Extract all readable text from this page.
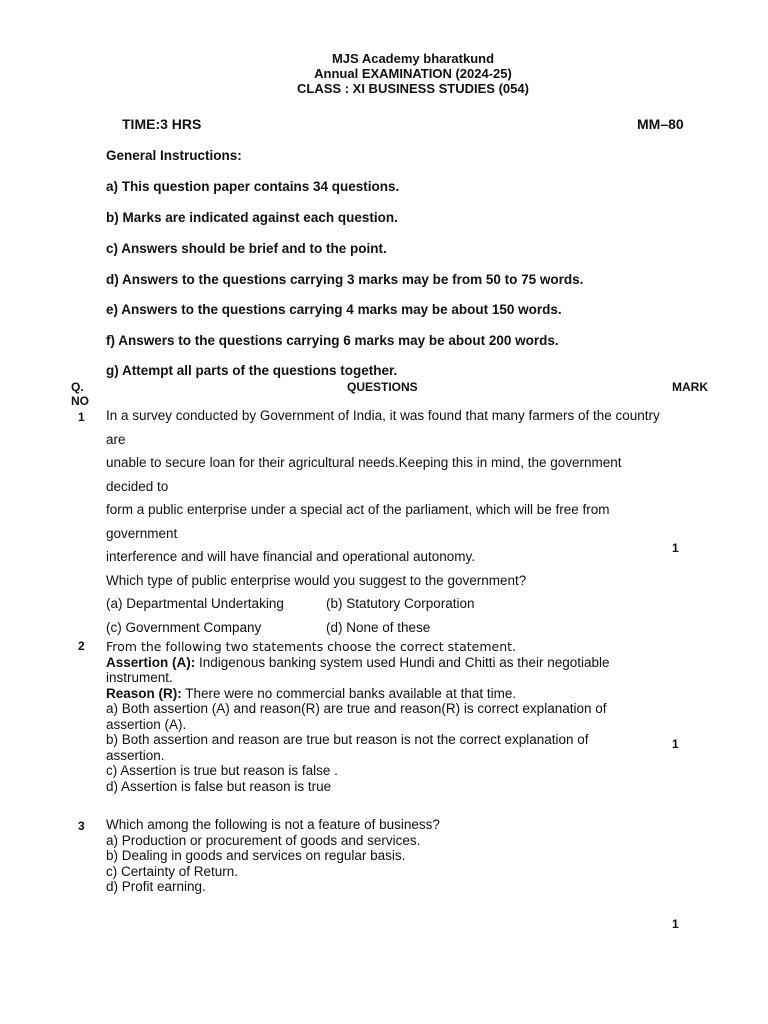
MJS Academy bharatkund
Annual EXAMINATION (2024-25)
CLASS : XI BUSINESS STUDIES (054)
TIME:3 HRS	MM–80
General Instructions:
a) This question paper contains 34 questions.
b) Marks are indicated against each question.
c) Answers should be brief and to the point.
d) Answers to the questions carrying 3 marks may be from 50 to 75 words.
e) Answers to the questions carrying 4 marks may be about 150 words.
f) Answers to the questions carrying 6 marks may be about 200 words.
g) Attempt all parts of the questions together.
Q.
NO
QUESTIONS	MARK
1 In a survey conducted by Government of India, it was found that many farmers of the country are
unable to secure loan for their agricultural needs.Keeping this in mind, the government decided to
form a public enterprise under a special act of the parliament, which will be free from government
interference and will have financial and operational autonomy.
Which type of public enterprise would you suggest to the government?
(a) Departmental Undertaking	(b) Statutory Corporation
(c) Government Company	(d) None of these
1
2 From the following two statements choose the correct statement.
Assertion (A): Indigenous banking system used Hundi and Chitti as their negotiable instrument.
Reason (R): There were no commercial banks available at that time.
a) Both assertion (A) and reason(R) are true and reason(R) is correct explanation of assertion (A).
b) Both assertion and reason are true but reason is not the correct explanation of assertion.
c) Assertion is true but reason is false .
d) Assertion is false but reason is true
1
3 Which among the following is not a feature of business?
a) Production or procurement of goods and services.
b) Dealing in goods and services on regular basis.
c) Certainty of Return.
d) Profit earning.
1
